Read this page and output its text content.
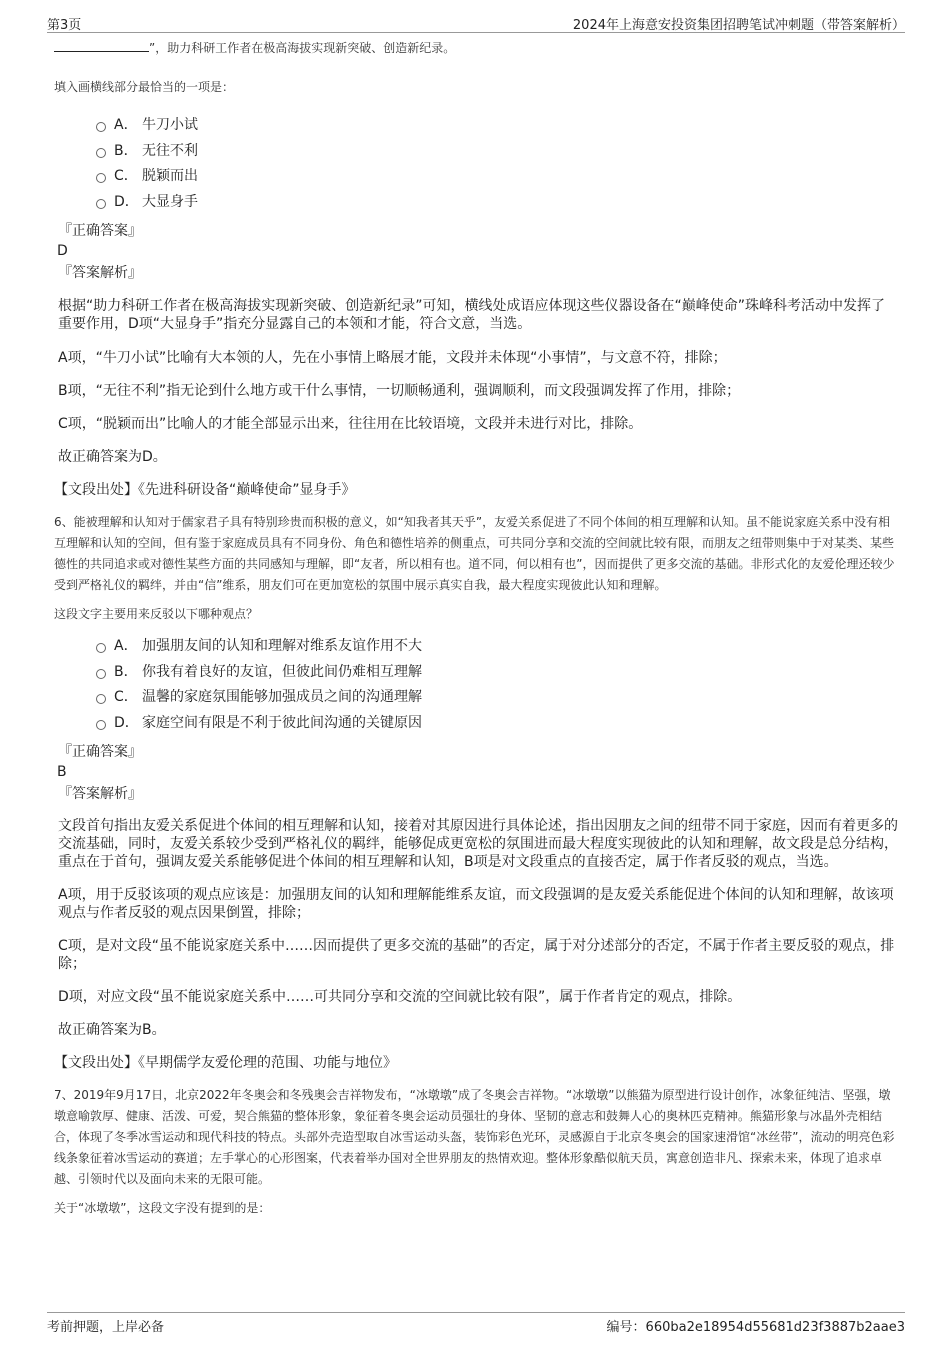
第3页	2024年上海意安投资集团招聘笔试冲刺题（带答案解析）
”，助力科研工作者在极高海拔实现新突破、创造新纪录。
填入画横线部分最恰当的一项是：
A． 牛刀小试
B． 无往不利
C． 脱颖而出
D． 大显身手
『正确答案』
D
『答案解析』
根据“助力科研工作者在极高海拔实现新突破、创造新纪录”可知，横线处成语应体现这些仪器设备在“巅峰使命”珠峰科考活动中发挥了重要作用，D项“大显身手”指充分显露自己的本领和才能，符合文意，当选。
A项，“牛刀小试”比喻有大本领的人，先在小事情上略展才能，文段并未体现“小事情”，与文意不符，排除；
B项，“无往不利”指无论到什么地方或干什么事情，一切顺畅通利，强调顺利，而文段强调发挥了作用，排除；
C项，“脱颖而出”比喻人的才能全部显示出来，往往用在比较语境，文段并未进行对比，排除。
故正确答案为D。
【文段出处】《先进科研设备“巅峰使命”显身手》
6、能被理解和认知对于儒家君子具有特别珍贵而积极的意义，如“知我者其天乎”，友爱关系促进了不同个体间的相互理解和认知。虽不能说家庭关系中没有相互理解和认知的空间，但有鉴于家庭成员具有不同身份、角色和德性培养的侧重点，可共同分享和交流的空间就比较有限，而朋友之纽带则集中于对某类、某些德性的共同追求或对德性某些方面的共同感知与理解，即“友者，所以相有也。道不同，何以相有也”，因而提供了更多交流的基础。非形式化的友爱伦理还较少受到严格礼仪的羁绊，并由“信”维系，朋友们可在更加宽松的氛围中展示真实自我，最大程度实现彼此认知和理解。
这段文字主要用来反驳以下哪种观点？
A． 加强朋友间的认知和理解对维系友谊作用不大
B． 你我有着良好的友谊，但彼此间仍难相互理解
C． 温馨的家庭氛围能够加强成员之间的沟通理解
D． 家庭空间有限是不利于彼此间沟通的关键原因
『正确答案』
B
『答案解析』
文段首句指出友爱关系促进个体间的相互理解和认知，接着对其原因进行具体论述，指出因朋友之间的纽带不同于家庭，因而有着更多的交流基础，同时，友爱关系较少受到严格礼仪的羁绊，能够促成更宽松的氛围进而最大程度实现彼此的认知和理解，故文段是总分结构，重点在于首句，强调友爱关系能够促进个体间的相互理解和认知，B项是对文段重点的直接否定，属于作者反驳的观点，当选。
A项，用于反驳该项的观点应该是：加强朋友间的认知和理解能维系友谊，而文段强调的是友爱关系能促进个体间的认知和理解，故该项观点与作者反驳的观点因果倒置，排除；
C项，是对文段“虽不能说家庭关系中……因而提供了更多交流的基础”的否定，属于对分述部分的否定，不属于作者主要反驳的观点，排除；
D项，对应文段“虽不能说家庭关系中……可共同分享和交流的空间就比较有限”，属于作者肯定的观点，排除。
故正确答案为B。
【文段出处】《早期儒学友爱伦理的范围、功能与地位》
7、2019年9月17日，北京2022年冬奥会和冬残奥会吉祥物发布，“冰墩墩”成了冬奥会吉祥物。“冰墩墩”以熊猫为原型进行设计创作，冰象征纯洁、坚强，墩墩意喻敦厚、健康、活泼、可爱，契合熊猫的整体形象，象征着冬奥会运动员强壮的身体、坚韧的意志和鼓舞人心的奥林匹克精神。熊猫形象与冰晶外壳相结合，体现了冬季冰雪运动和现代科技的特点。头部外壳造型取自冰雪运动头盔，装饰彩色光环，灵感源自于北京冬奥会的国家速滑馆“冰丝带”，流动的明亮色彩线条象征着冰雪运动的赛道；左手掌心的心形图案，代表着举办国对全世界朋友的热情欢迎。整体形象酷似航天员，寓意创造非凡、探索未来，体现了追求卓越、引领时代以及面向未来的无限可能。
关于“冰墩墩”，这段文字没有提到的是：
考前押题，上岸必备	编号：660ba2e18954d55681d23f3887b2aae3
